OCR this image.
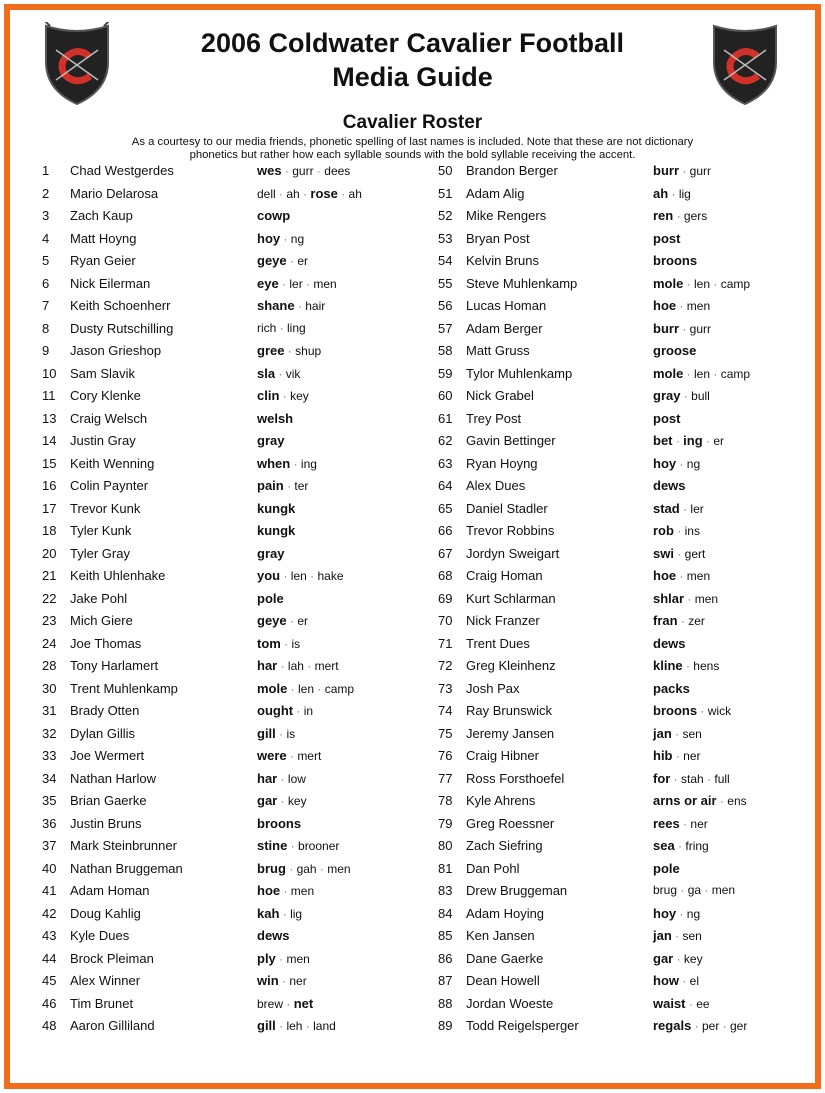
2006 Coldwater Cavalier Football
Media Guide
Cavalier Roster
As a courtesy to our media friends, phonetic spelling of last names is included. Note that these are not dictionary phonetics but rather how each syllable sounds with the bold syllable receiving the accent.
1 Chad Westgerdes	wes · gurr · dees
2 Mario Delarosa	dell · ah · rose · ah
3 Zach Kaup	cowp
4 Matt Hoyng	hoy · ng
5 Ryan Geier	geye · er
6 Nick Eilerman	eye · ler · men
7 Keith Schoenherr	shane · hair
8 Dusty Rutschilling	rich · ling
9 Jason Grieshop	gree · shup
10 Sam Slavik	sla · vik
11 Cory Klenke	clin · key
13 Craig Welsch	welsh
14 Justin Gray	gray
15 Keith Wenning	when · ing
16 Colin Paynter	pain · ter
17 Trevor Kunk	kungk
18 Tyler Kunk	kungk
20 Tyler Gray	gray
21 Keith Uhlenhake	you · len · hake
22 Jake Pohl	pole
23 Mich Giere	geye · er
24 Joe Thomas	tom · is
28 Tony Harlamert	har · lah · mert
30 Trent Muhlenkamp	mole · len · camp
31 Brady Otten	ought · in
32 Dylan Gillis	gill · is
33 Joe Wermert	were · mert
34 Nathan Harlow	har · low
35 Brian Gaerke	gar · key
36 Justin Bruns	broons
37 Mark Steinbrunner	stine · brooner
40 Nathan Bruggeman	brug · gah · men
41 Adam Homan	hoe · men
42 Doug Kahlig	kah · lig
43 Kyle Dues	dews
44 Brock Pleiman	ply · men
45 Alex Winner	win · ner
46 Tim Brunet	brew · net
48 Aaron Gilliland	gill · leh · land
50 Brandon Berger	burr · gurr
51 Adam Alig	ah · lig
52 Mike Rengers	ren · gers
53 Bryan Post	post
54 Kelvin Bruns	broons
55 Steve Muhlenkamp	mole · len · camp
56 Lucas Homan	hoe · men
57 Adam Berger	burr · gurr
58 Matt Gruss	groose
59 Tylor Muhlenkamp	mole · len · camp
60 Nick Grabel	gray · bull
61 Trey Post	post
62 Gavin Bettinger	bet · ing · er
63 Ryan Hoyng	hoy · ng
64 Alex Dues	dews
65 Daniel Stadler	stad · ler
66 Trevor Robbins	rob · ins
67 Jordyn Sweigart	swi · gert
68 Craig Homan	hoe · men
69 Kurt Schlarman	shlar · men
70 Nick Franzer	fran · zer
71 Trent Dues	dews
72 Greg Kleinhenz	kline · hens
73 Josh Pax	packs
74 Ray Brunswick	broons · wick
75 Jeremy Jansen	jan · sen
76 Craig Hibner	hib · ner
77 Ross Forsthoefel	for · stah · full
78 Kyle Ahrens	arns or air · ens
79 Greg Roessner	rees · ner
80 Zach Siefring	sea · fring
81 Dan Pohl	pole
83 Drew Bruggeman	brug · ga · men
84 Adam Hoying	hoy · ng
85 Ken Jansen	jan · sen
86 Dane Gaerke	gar · key
87 Dean Howell	how · el
88 Jordan Woeste	waist · ee
89 Todd Reigelsperger	regals · per · ger
